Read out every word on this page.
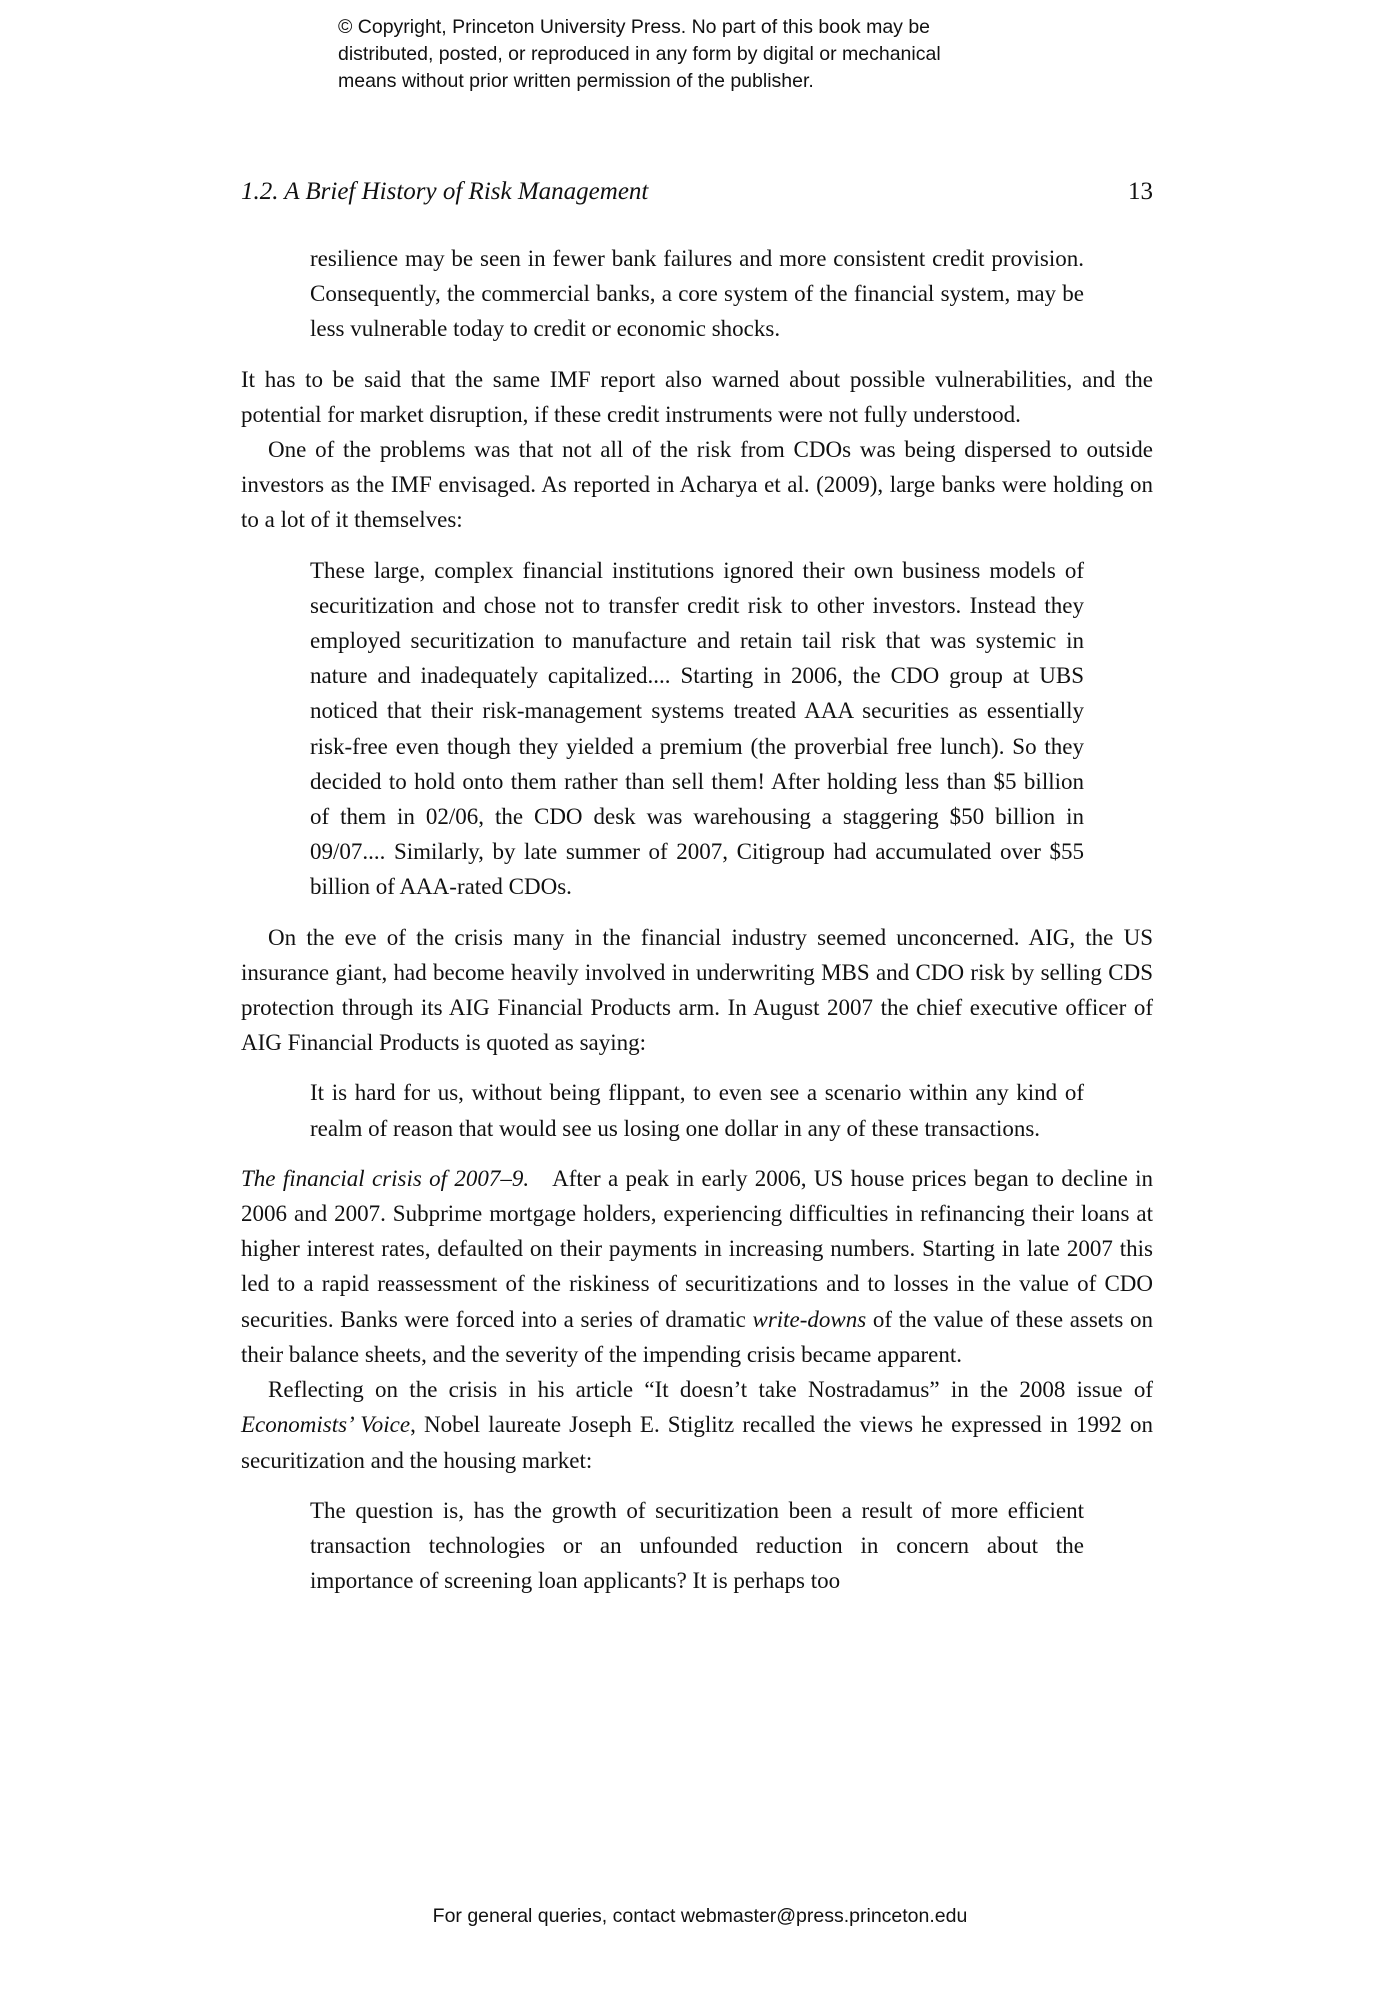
© Copyright, Princeton University Press. No part of this book may be
distributed, posted, or reproduced in any form by digital or mechanical
means without prior written permission of the publisher.
1.2. A Brief History of Risk Management	13
resilience may be seen in fewer bank failures and more consistent credit provision. Consequently, the commercial banks, a core system of the financial system, may be less vulnerable today to credit or economic shocks.

It has to be said that the same IMF report also warned about possible vulnerabilities, and the potential for market disruption, if these credit instruments were not fully understood.

One of the problems was that not all of the risk from CDOs was being dispersed to outside investors as the IMF envisaged. As reported in Acharya et al. (2009), large banks were holding on to a lot of it themselves:

These large, complex financial institutions ignored their own business models of securitization and chose not to transfer credit risk to other investors. Instead they employed securitization to manufacture and retain tail risk that was systemic in nature and inadequately capitalized.... Starting in 2006, the CDO group at UBS noticed that their risk-management systems treated AAA securities as essentially risk-free even though they yielded a premium (the proverbial free lunch). So they decided to hold onto them rather than sell them! After holding less than $5 billion of them in 02/06, the CDO desk was warehousing a staggering $50 billion in 09/07.... Similarly, by late summer of 2007, Citigroup had accumulated over $55 billion of AAA-rated CDOs.

On the eve of the crisis many in the financial industry seemed unconcerned. AIG, the US insurance giant, had become heavily involved in underwriting MBS and CDO risk by selling CDS protection through its AIG Financial Products arm. In August 2007 the chief executive officer of AIG Financial Products is quoted as saying:

It is hard for us, without being flippant, to even see a scenario within any kind of realm of reason that would see us losing one dollar in any of these transactions.

The financial crisis of 2007–9.  After a peak in early 2006, US house prices began to decline in 2006 and 2007. Subprime mortgage holders, experiencing difficulties in refinancing their loans at higher interest rates, defaulted on their payments in increasing numbers. Starting in late 2007 this led to a rapid reassessment of the riskiness of securitizations and to losses in the value of CDO securities. Banks were forced into a series of dramatic write-downs of the value of these assets on their balance sheets, and the severity of the impending crisis became apparent.

Reflecting on the crisis in his article “It doesn’t take Nostradamus” in the 2008 issue of Economists’ Voice, Nobel laureate Joseph E. Stiglitz recalled the views he expressed in 1992 on securitization and the housing market:

The question is, has the growth of securitization been a result of more efficient transaction technologies or an unfounded reduction in concern about the importance of screening loan applicants? It is perhaps too
For general queries, contact webmaster@press.princeton.edu
